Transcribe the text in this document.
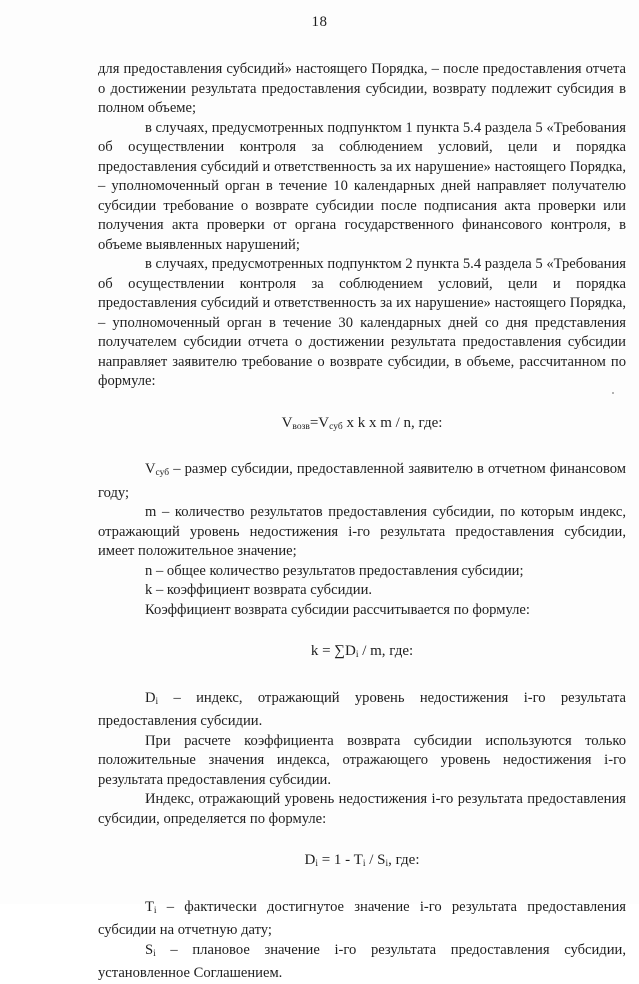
18

для предоставления субсидий» настоящего Порядка, – после предоставления отчета о достижении результата предоставления субсидии, возврату подлежит субсидия в полном объеме;

в случаях, предусмотренных подпунктом 1 пункта 5.4 раздела 5 «Требования об осуществлении контроля за соблюдением условий, цели и порядка предоставления субсидий и ответственность за их нарушение» настоящего Порядка, – уполномоченный орган в течение 10 календарных дней направляет получателю субсидии требование о возврате субсидии после подписания акта проверки или получения акта проверки от органа государственного финансового контроля, в объеме выявленных нарушений;

в случаях, предусмотренных подпунктом 2 пункта 5.4 раздела 5 «Требования об осуществлении контроля за соблюдением условий, цели и порядка предоставления субсидий и ответственность за их нарушение» настоящего Порядка, – уполномоченный орган в течение 30 календарных дней со дня представления получателем субсидии отчета о достижении результата предоставления субсидии направляет заявителю требование о возврате субсидии, в объеме, рассчитанном по формуле:

$V_{возв}=V_{суб}$ x k x m / n, где:

$V_{суб}$ – размер субсидии, предоставленной заявителю в отчетном финансовом году;

m – количество результатов предоставления субсидии, по которым индекс, отражающий уровень недостижения i-го результата предоставления субсидии, имеет положительное значение;

n – общее количество результатов предоставления субсидии;

k – коэффициент возврата субсидии.

Коэффициент возврата субсидии рассчитывается по формуле:

$k = \sum D_i / m$, где:

$D_i$ – индекс, отражающий уровень недостижения i-го результата предоставления субсидии.

При расчете коэффициента возврата субсидии используются только положительные значения индекса, отражающего уровень недостижения i-го результата предоставления субсидии.

Индекс, отражающий уровень недостижения i-го результата предоставления субсидии, определяется по формуле:

$D_i = 1 - T_i / S_i$, где:

$T_i$ – фактически достигнутое значение i-го результата предоставления субсидии на отчетную дату;

$S_i$ – плановое значение i-го результата предоставления субсидии, установленное Соглашением.
